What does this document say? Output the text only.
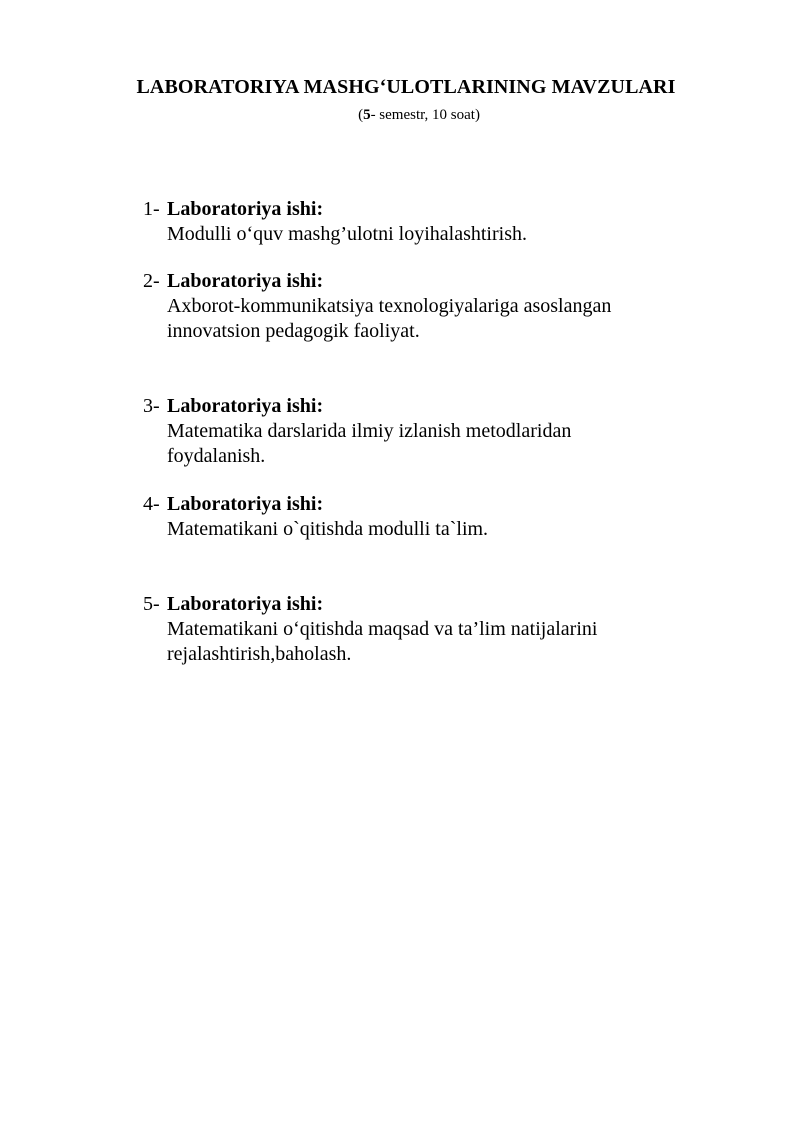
LABORATORIYA MASHG‘ULOTLARINING MAVZULARI

(5- semestr, 10 soat)

1- Laboratoriya ishi:
Modulli o‘quv mashg’ulotni loyihalashtirish.
2- Laboratoriya ishi:
Axborot-kommunikatsiya texnologiyalariga asoslangan
innovatsion pedagogik faoliyat.
3- Laboratoriya ishi:
Matematika darslarida ilmiy izlanish metodlaridan
foydalanish.
4- Laboratoriya ishi:
Matematikani o`qitishda modulli ta`lim.
5- Laboratoriya ishi:
Matematikani o‘qitishda maqsad va ta’lim natijalarini
rejalashtirish,baholash.
